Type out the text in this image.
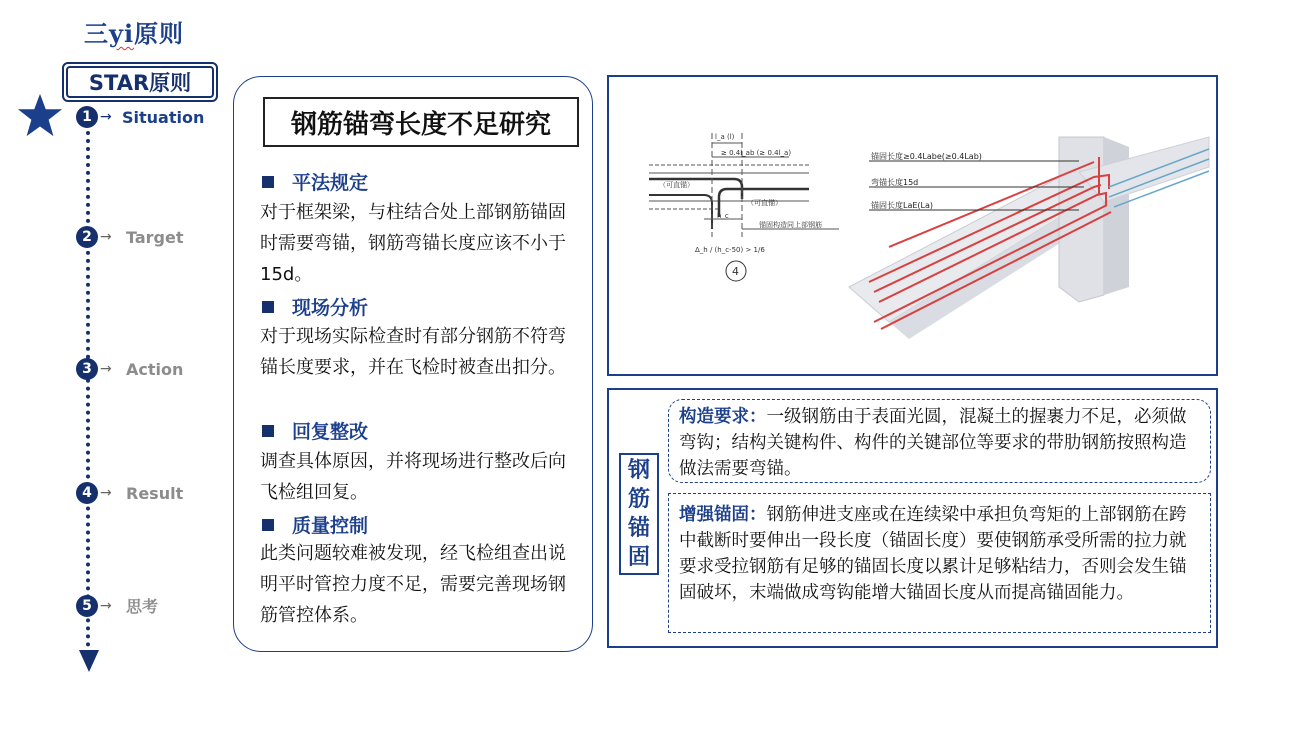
三yi原则
STAR原则
1 → Situation
2 → Target
3 → Action
4 → Result
5 → 思考
钢筋锚弯长度不足研究
平法规定
对于框架梁，与柱结合处上部钢筋锚固时需要弯锚，钢筋弯锚长度应该不小于15d。
现场分析
对于现场实际检查时有部分钢筋不符弯锚长度要求，并在飞检时被查出扣分。
回复整改
调查具体原因，并将现场进行整改后向飞检组回复。
质量控制
此类问题较难被发现，经飞检组查出说明平时管控力度不足，需要完善现场钢筋管控体系。
l_a (l)
≥ 0.4l_ab (≥ 0.4l_a)
（可直锚）
（可直锚）
h_c
锚固构造同上部钢筋
Δ_h / (h_c-50) > 1/6
4
锚固长度≥0.4Labe(≥0.4Lab)
弯锚长度15d
锚固长度LaE(La)
钢
筋
锚
固
构造要求：一级钢筋由于表面光圆，混凝土的握裹力不足，必须做弯钩；结构关键构件、构件的关键部位等要求的带肋钢筋按照构造做法需要弯锚。
增强锚固：钢筋伸进支座或在连续梁中承担负弯矩的上部钢筋在跨中截断时要伸出一段长度（锚固长度）要使钢筋承受所需的拉力就要求受拉钢筋有足够的锚固长度以累计足够粘结力，否则会发生锚固破坏，末端做成弯钩能增大锚固长度从而提高锚固能力。
